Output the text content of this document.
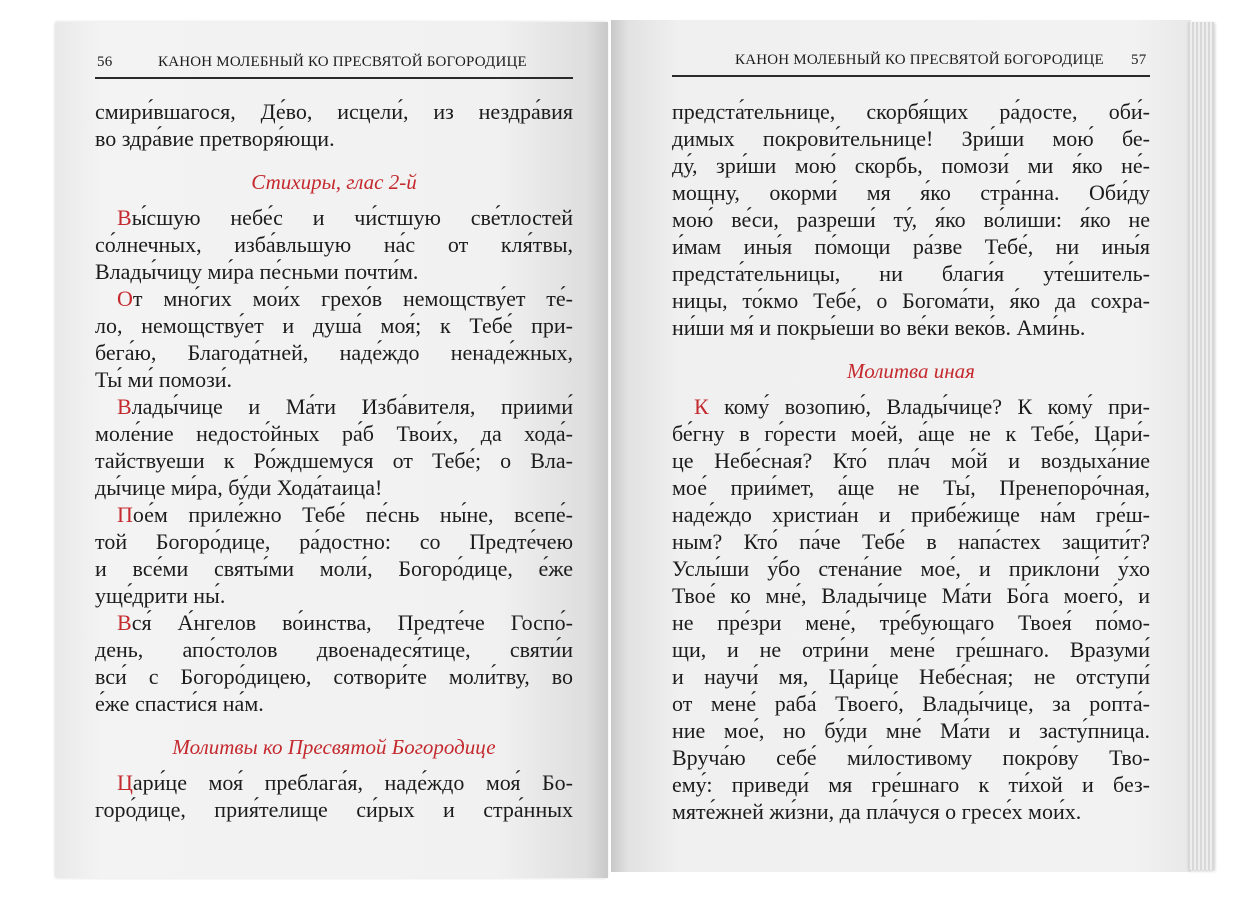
56	КАНОН МОЛЕБНЫЙ КО ПРЕСВЯТОЙ БОГОРОДИЦЕ	КАНОН МОЛЕБНЫЙ КО ПРЕСВЯТОЙ БОГОРОДИЦЕ 57
смири́вшагося, Де́во, исцели́, из нездра́вия
во здра́вие претворя́ющи.
Стихиры, глас 2-й
Вы́сшую небе́с и чи́стшую све́тлостей
со́лнечных, изба́вльшую на́с от кля́твы,
Влады́чицу ми́ра пе́сньми почти́м.
От мно́гих мои́х грехо́в немощству́ет те́-
ло, немощству́ет и душа́ моя́; к Тебе́ при-
бега́ю, Благода́тней, наде́ждо ненаде́жных,
Ты́ ми́ помози́.
Влады́чице и Ма́ти Изба́вителя, приими́
моле́ние недосто́йных ра́б Твои́х, да хода́-
тайствуеши к Ро́ждшемуся от Тебе́; о Вла-
ды́чице ми́ра, бу́ди Хода́таица!
Пое́м приле́жно Тебе́ пе́снь ны́не, всепе́-
той Богоро́дице, ра́достно: со Предте́чею
и все́ми святы́ми моли́, Богоро́дице, е́же
уще́дрити ны́.
Вся́ А́нгелов во́инства, Предте́че Госпо́-
день, апо́столов двоенадеся́тице, святи́и
вси́ с Богоро́дицею, сотвори́те моли́тву, во
е́же спасти́ся на́м.
Молитвы ко Пресвятой Богородице
Цари́це моя́ преблага́я, наде́ждо моя́ Бо-
горо́дице, прия́телище си́рых и стра́нных
предста́тельнице, скорбя́щих ра́досте, оби́-
димых покрови́тельнице! Зри́ши мою́ бе-
ду́, зри́ши мою́ скорбь, помози́ ми я́ко не́-
мощну, окорми́ мя я́ко стра́нна. Оби́ду
мою́ ве́си, разреши́ ту́, я́ко во́лиши: я́ко не
и́мам ины́я по́мощи ра́зве Тебе́, ни ины́я
предста́тельницы, ни благи́я уте́шитель-
ницы, то́кмо Тебе́, о Богома́ти, я́ко да сохра-
ни́ши мя́ и покры́еши во ве́ки веко́в. Ами́нь.
Молитва иная
К кому́ возопию́, Влады́чице? К кому́ при-
бе́гну в го́рести мое́й, а́ще не к Тебе́, Цари́-
це Небе́сная? Кто́ пла́ч мо́й и воздыха́ние
мое́ прии́мет, а́ще не Ты́, Пренепоро́чная,
наде́ждо христиа́н и прибе́жище на́м гре́ш-
ным? Кто́ па́че Тебе́ в напа́стех защити́т?
Услы́ши у́бо стена́ние мое́, и приклони́ у́хо
Твое́ ко мне́, Влады́чице Ма́ти Бо́га моего́, и
не пре́зри мене́, тре́бующаго Твоея́ по́мо-
щи, и не отри́ни мене́ гре́шнаго. Вразуми́
и научи́ мя, Цари́це Небе́сная; не отступи́
от мене́ раба́ Твоего́, Влады́чице, за ропта́-
ние мое́, но бу́ди мне́ Ма́ти и засту́пница.
Вруча́ю себе́ ми́лостивому покро́ву Тво-
ему́: приведи́ мя гре́шнаго к ти́хой и без-
мяте́жней жи́зни, да пла́чуся о гресе́х мои́х.
